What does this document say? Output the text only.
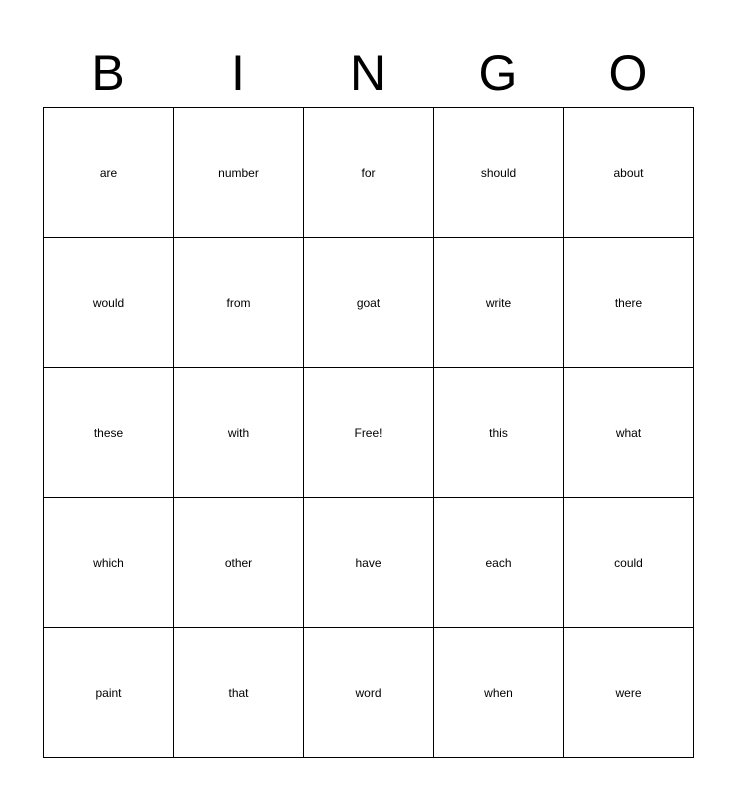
B	I	N	G	O
are	number	for	should	about
would	from	goat	write	there
these	with	Free!	this	what
which	other	have	each	could
paint	that	word	when	were
